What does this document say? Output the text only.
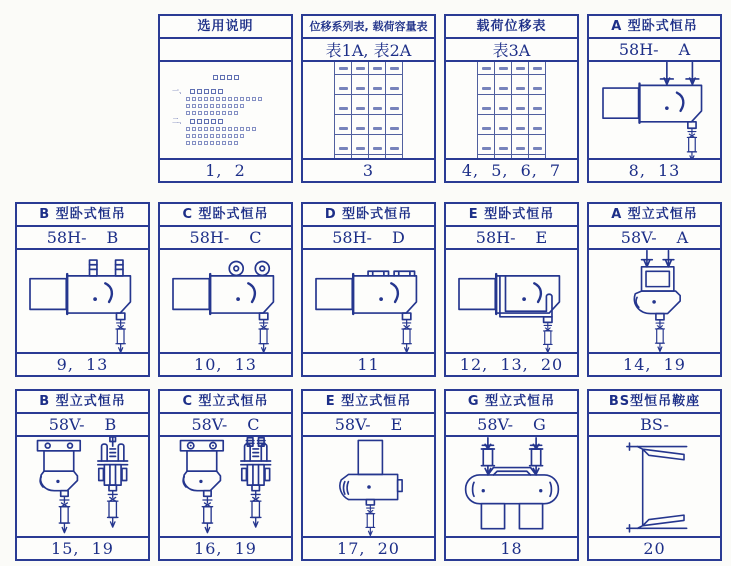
选用说明
一、
二、
1, 2
位移系列表, 载荷容量表
表1A, 表2A

3
载荷位移表
表3A

4, 5, 6, 7
A 型卧式恒吊
58H- A
8, 13
B 型卧式恒吊
58H- B
9, 13
C 型卧式恒吊
58H- C
10, 13
D 型卧式恒吊
58H- D
11
E 型卧式恒吊
58H- E
12, 13, 20
A 型立式恒吊
58V- A
14, 19
B 型立式恒吊
58V- B
15, 19
C 型立式恒吊
58V- C
16, 19
E 型立式恒吊
58V- E
17, 20
G 型立式恒吊
58V- G
18
BS型恒吊鞍座
BS-
20
